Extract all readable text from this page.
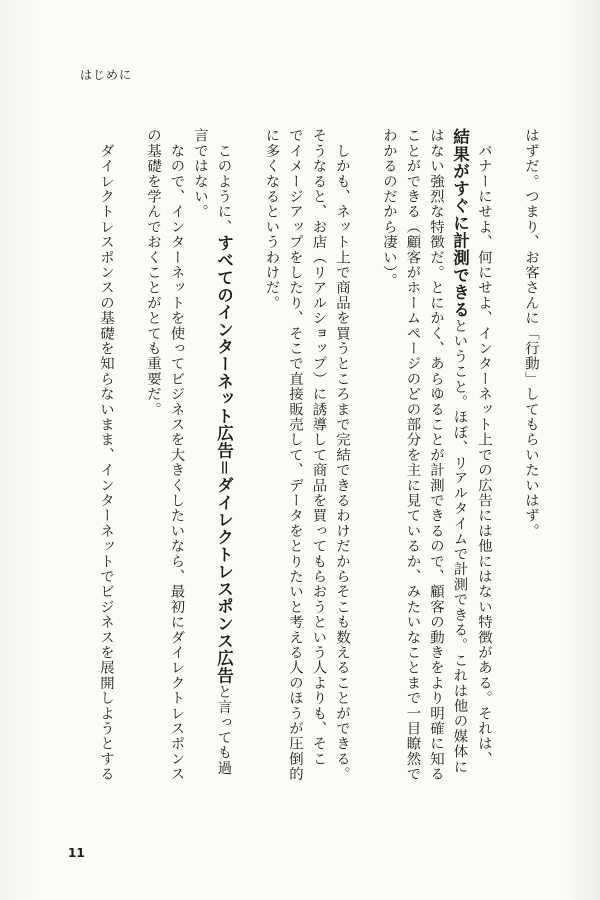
はじめに
はずだ。つまり、お客さんに「行動」してもらいたいはず。
　バナーにせよ、何にせよ、インターネット上での広告には他にはない特徴がある。それは、
結果がすぐに計測できるということ。ほぼ、リアルタイムで計測できる。これは他の媒体に
はない強烈な特徴だ。とにかく、あらゆることが計測できるので、顧客の動きをより明確に知る
ことができる（顧客がホームページのどの部分を主に見ているか、みたいなことまで一目瞭然で
わかるのだから凄い）。
　しかも、ネット上で商品を買うところまで完結できるわけだからそこも数えることができる。
そうなると、お店（リアルショップ）に誘導して商品を買ってもらおうという人よりも、そこ
でイメージアップをしたり、そこで直接販売して、データをとりたいと考える人のほうが圧倒的
に多くなるというわけだ。
　このように、すべてのインターネット広告＝ダイレクトレスポンス広告と言っても過
言ではない。
　なので、インターネットを使ってビジネスを大きくしたいなら、最初にダイレクトレスポンス
の基礎を学んでおくことがとても重要だ。
　ダイレクトレスポンスの基礎を知らないまま、インターネットでビジネスを展開しようとする
11
